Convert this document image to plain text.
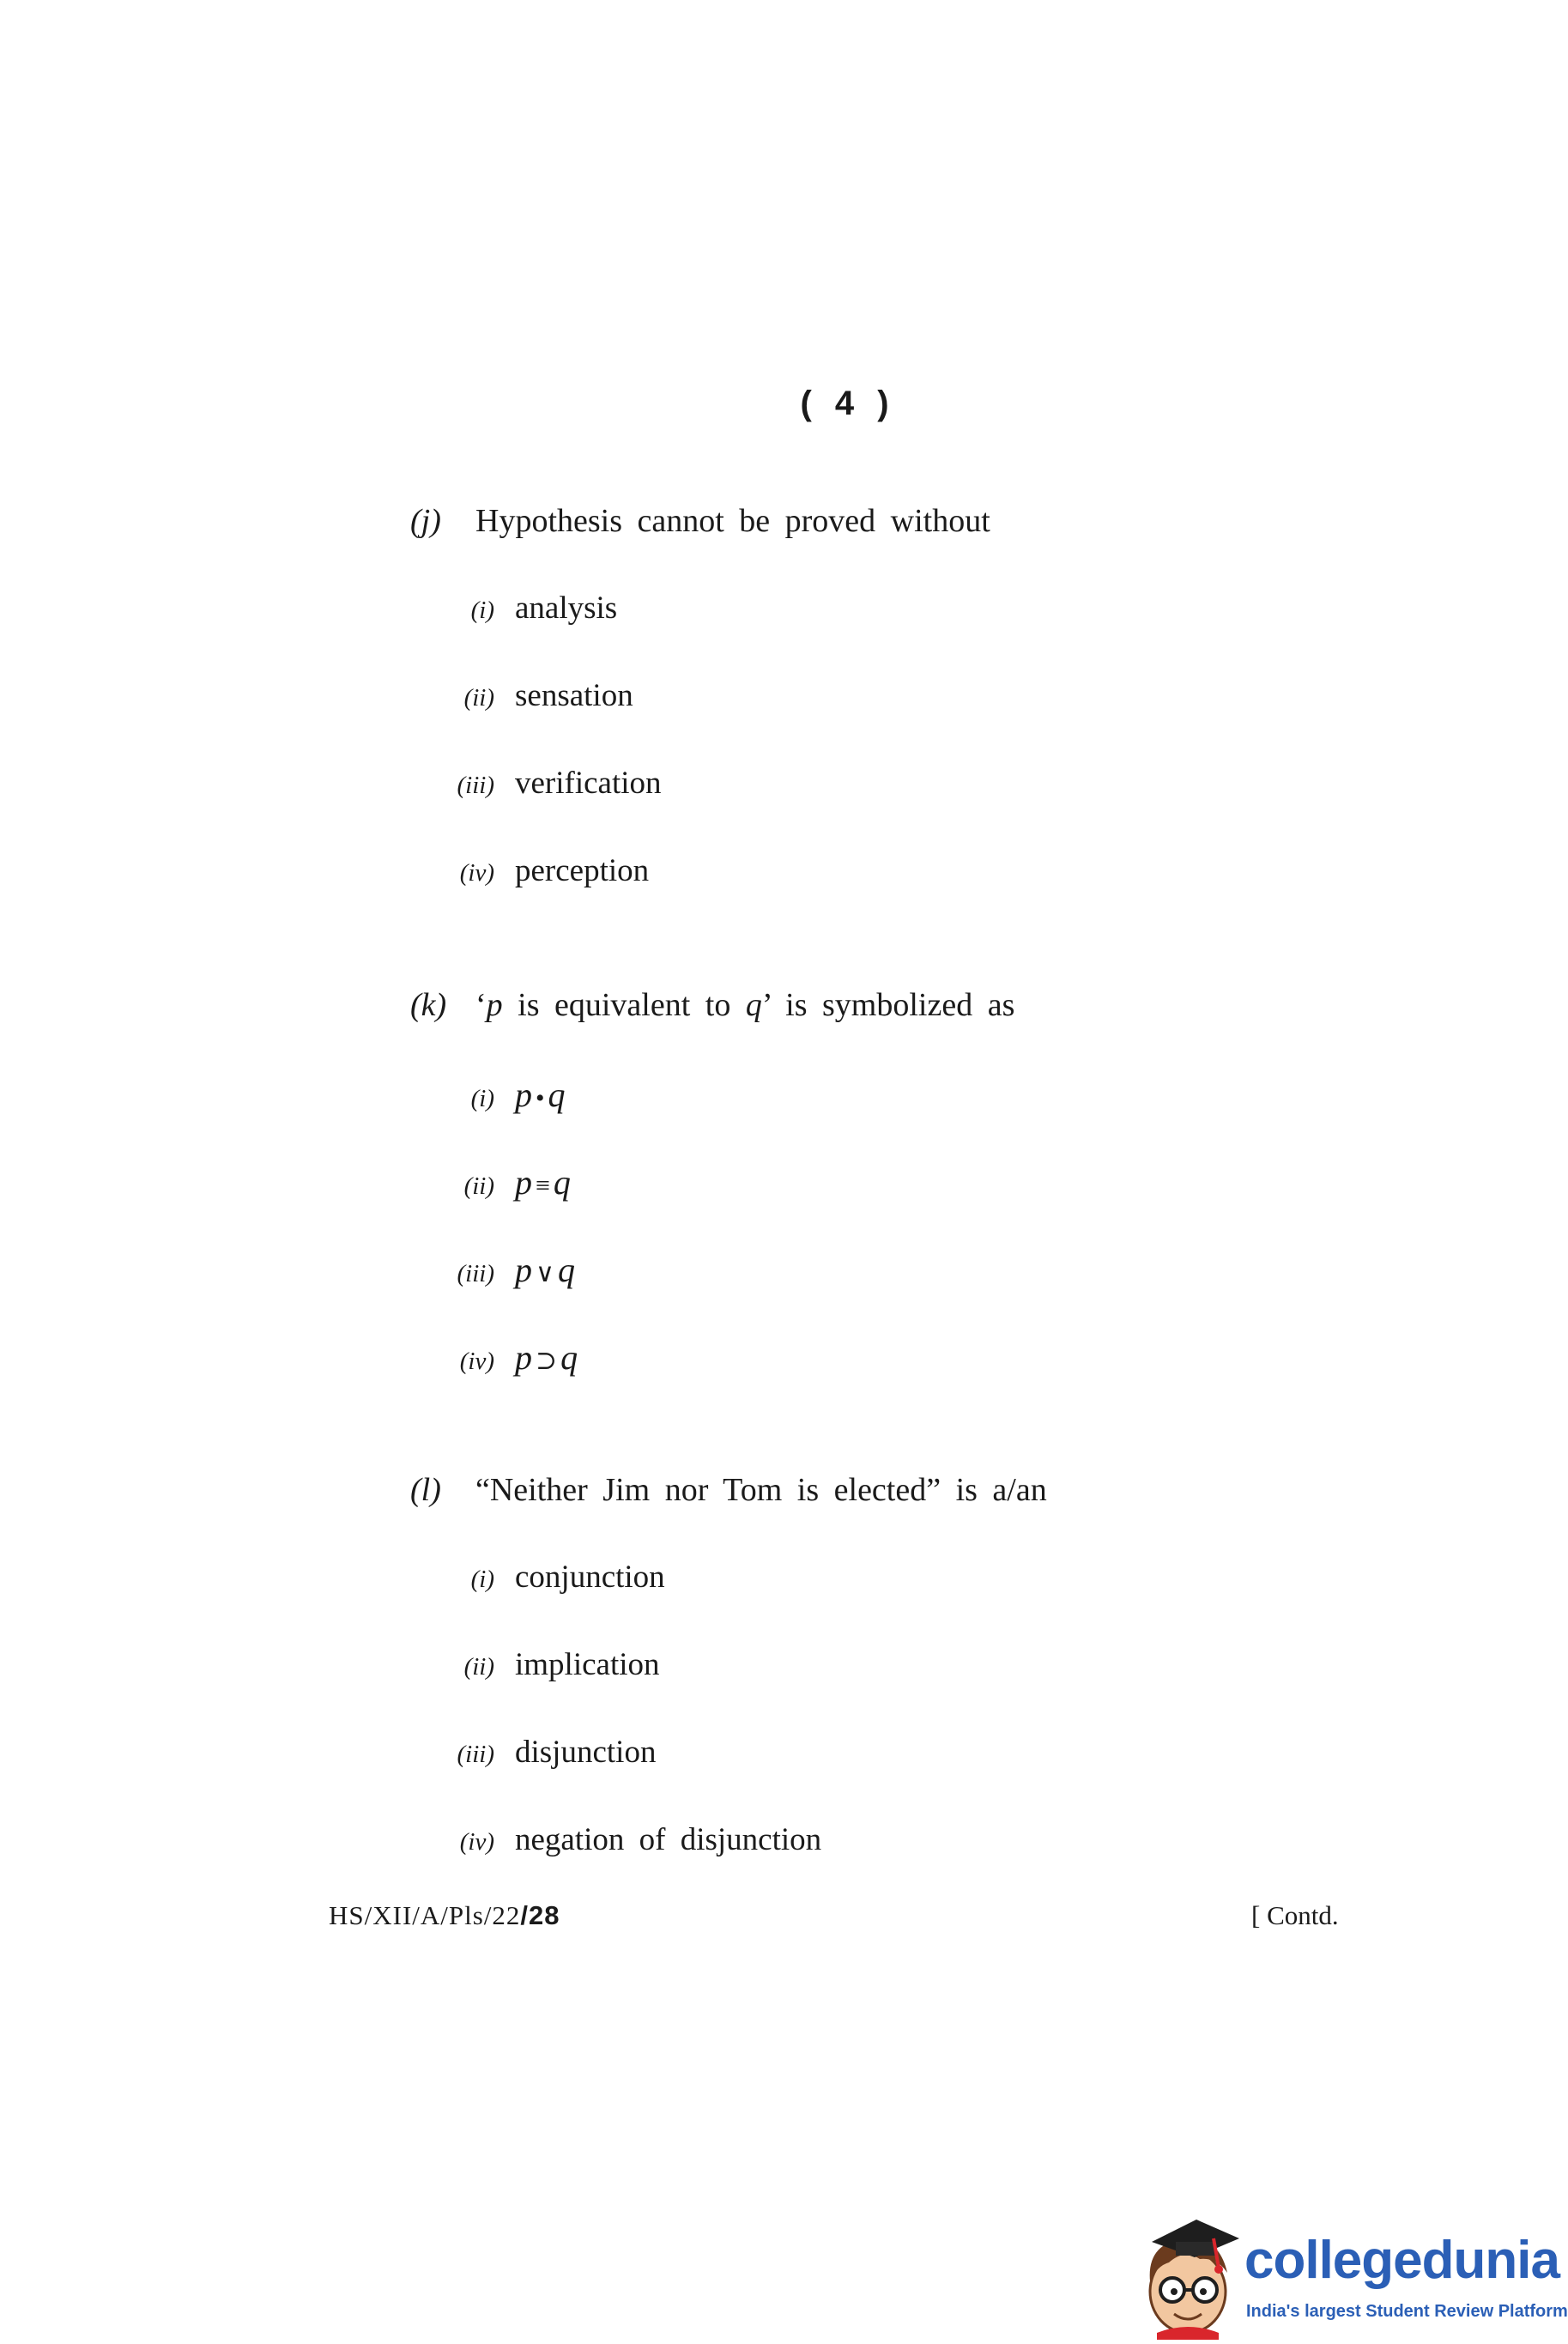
( 4 )
(j) Hypothesis cannot be proved without
(i) analysis
(ii) sensation
(iii) verification
(iv) perception
(k) ‘p is equivalent to q’ is symbolized as
(i) p • q
(ii) p ≡ q
(iii) p ∨ q
(iv) p ⊃ q
(l) “Neither Jim nor Tom is elected” is a/an
(i) conjunction
(ii) implication
(iii) disjunction
(iv) negation of disjunction
HS/XII/A/Pls/22/28	[ Contd.
collegedunia
India's largest Student Review Platform
